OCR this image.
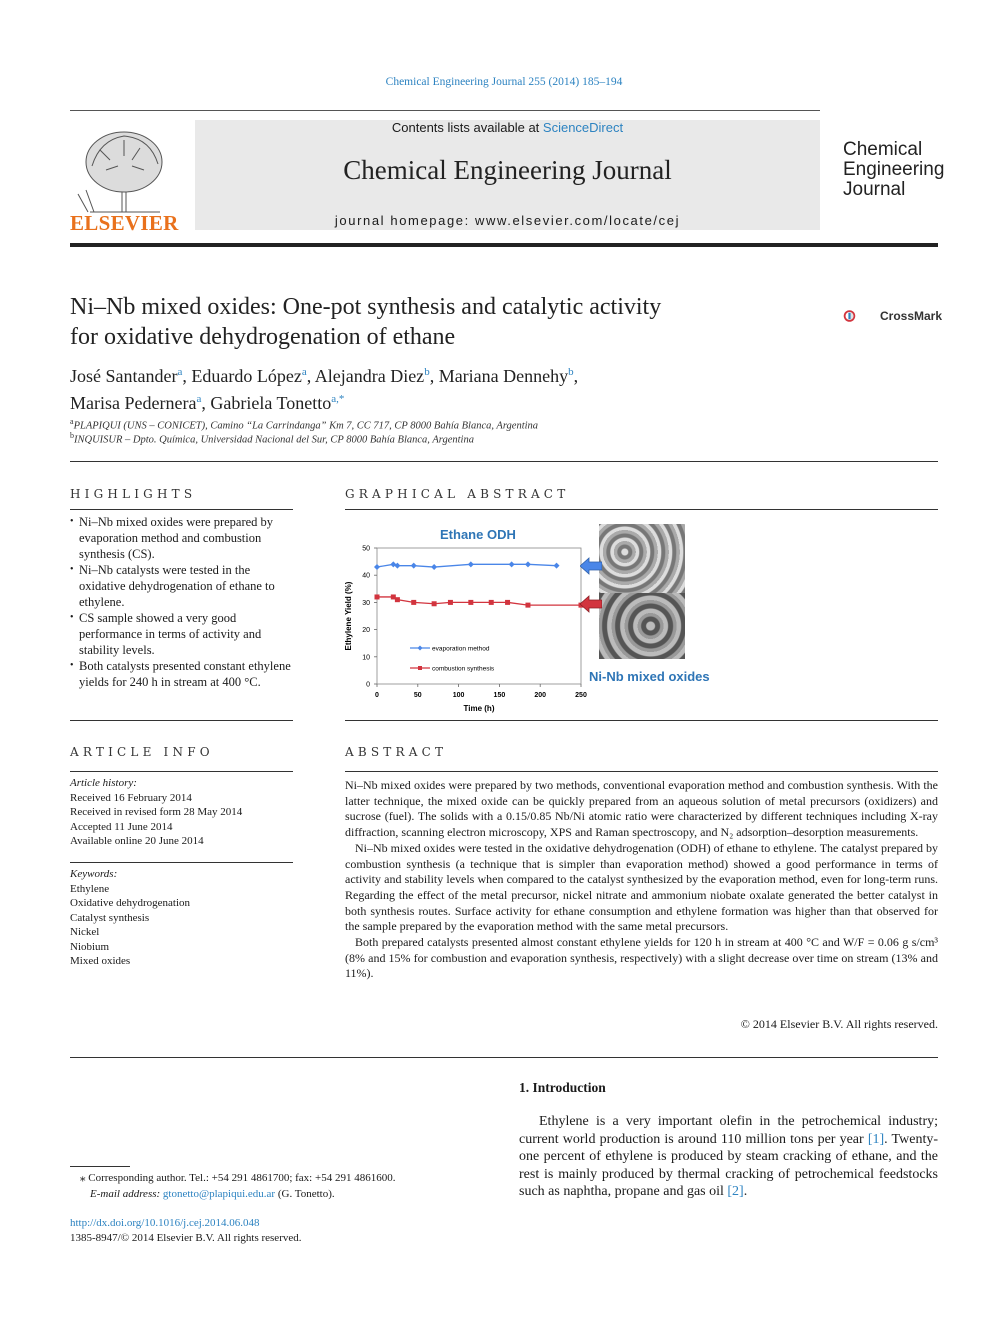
Chemical Engineering Journal 255 (2014) 185–194
ELSEVIER
Contents lists available at ScienceDirect
Chemical Engineering Journal
journal homepage: www.elsevier.com/locate/cej
Chemical
Engineering
Journal
Ni–Nb mixed oxides: One-pot synthesis and catalytic activity
for oxidative dehydrogenation of ethane
CrossMark
José Santander$^a$, Eduardo López$^a$, Alejandra Diez$^b$, Mariana Dennehy$^b$,
Marisa Pedernera$^a$, Gabriela Tonetto$^{a,*}$
$^a$PLAPIQUI (UNS – CONICET), Camino “La Carrindanga” Km 7, CC 717, CP 8000 Bahía Blanca, Argentina
$^b$INQUISUR – Dpto. Química, Universidad Nacional del Sur, CP 8000 Bahía Blanca, Argentina
HIGHLIGHTS
• Ni–Nb mixed oxides were prepared by evaporation method and combustion synthesis (CS).
• Ni–Nb catalysts were tested in the oxidative dehydrogenation of ethane to ethylene.
• CS sample showed a very good performance in terms of activity and stability levels.
• Both catalysts presented constant ethylene yields for 240 h in stream at 400 °C.
GRAPHICAL ABSTRACT
Ethane ODH
0
10
20
30
40
50
0	50	100	150	200	250
evaporation method
combustion synthesis
Time (h)
Ethylene Yield (%)
Ni-Nb mixed oxides
ARTICLE INFO
Article history:
Received 16 February 2014
Received in revised form 28 May 2014
Accepted 11 June 2014
Available online 20 June 2014
Keywords:
Ethylene
Oxidative dehydrogenation
Catalyst synthesis
Nickel
Niobium
Mixed oxides
ABSTRACT

Ni–Nb mixed oxides were prepared by two methods, conventional evaporation method and combustion synthesis. With the latter technique, the mixed oxide can be quickly prepared from an aqueous solution of metal precursors (oxidizers) and sucrose (fuel). The solids with a 0.15/0.85 Nb/Ni atomic ratio were characterized by different techniques including X-ray diffraction, scanning electron microscopy, XPS and Raman spectroscopy, and N₂ adsorption–desorption measurements.

Ni–Nb mixed oxides were tested in the oxidative dehydrogenation (ODH) of ethane to ethylene. The catalyst prepared by combustion synthesis (a technique that is simpler than evaporation method) showed a good performance in terms of activity and stability levels when compared to the catalyst synthesized by the evaporation method, even for long-term runs. Regarding the effect of the metal precursor, nickel nitrate and ammonium niobate oxalate generated the better catalyst in both synthesis routes. Surface activity for ethane consumption and ethylene formation was higher than that observed for the sample prepared by the evaporation method with the same metal precursors.

Both prepared catalysts presented almost constant ethylene yields for 120 h in stream at 400 °C and W/F = 0.06 g s/cm³ (8% and 15% for combustion and evaporation synthesis, respectively) with a slight decrease over time on stream (13% and 11%).

© 2014 Elsevier B.V. All rights reserved.
1. Introduction
Ethylene is a very important olefin in the petrochemical industry; current world production is around 110 million tons per year [1]. Twenty-one percent of ethylene is produced by steam cracking of ethane, and the rest is mainly produced by thermal cracking of petrochemical feedstocks such as naphtha, propane and gas oil [2].
⁎ Corresponding author. Tel.: +54 291 4861700; fax: +54 291 4861600.
E-mail address: gtonetto@plapiqui.edu.ar (G. Tonetto).
http://dx.doi.org/10.1016/j.cej.2014.06.048
1385-8947/© 2014 Elsevier B.V. All rights reserved.
